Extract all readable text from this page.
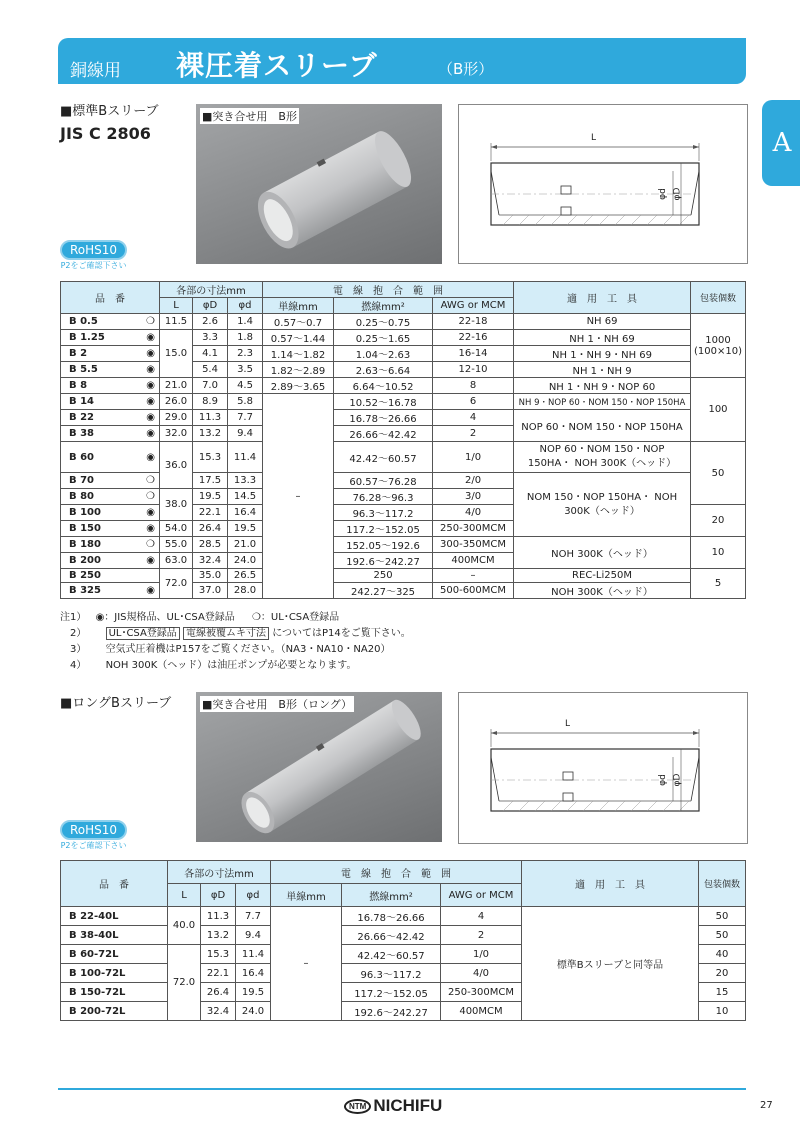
銅線用 裸圧着スリーブ	（B形）
A
■標準Bスリーブ
JIS C 2806
■突き合せ用　B形
L
φd φD
RoHS10
P2をご確認下さい
品　番		各部の寸法mm			電　線　抱　合　範　囲			適　用　工　具	包装個数
		L	φD	φd	単線mm	撚線mm²	AWG or MCM		
B 0.5	❍	11.5	2.6	1.4	0.57〜0.7	0.25〜0.75	22-18	NH 69	1000 (100×10)
B 1.25	◉	15.0	3.3	1.8	0.57〜1.44	0.25〜1.65	22-16	NH 1・NH 69	
B 2	◉		4.1	2.3	1.14〜1.82	1.04〜2.63	16-14	NH 1・NH 9・NH 69	
B 5.5	◉		5.4	3.5	1.82〜2.89	2.63〜6.64	12-10	NH 1・NH 9	
B 8	◉	21.0	7.0	4.5	2.89〜3.65	6.64〜10.52	8	NH 1・NH 9・NOP 60	100
B 14	◉	26.0	8.9	5.8	–	10.52〜16.78	6	NH 9・NOP 60・NOM 150・NOP 150HA	
B 22	◉	29.0	11.3	7.7		16.78〜26.66	4	NOP 60・NOM 150・NOP 150HA	
B 38	◉	32.0	13.2	9.4		26.66〜42.42	2		
B 60	◉	36.0	15.3	11.4		42.42〜60.57	1/0	NOP 60・NOM 150・NOP 150HA・ NOH 300K（ヘッド）	50
B 70	❍		17.5	13.3		60.57〜76.28	2/0	NOM 150・NOP 150HA・ NOH 300K（ヘッド）	
B 80	❍	38.0	19.5	14.5		76.28〜96.3	3/0		
B 100	◉		22.1	16.4		96.3〜117.2	4/0		20
B 150	◉	54.0	26.4	19.5		117.2〜152.05	250-300MCM		
B 180	❍	55.0	28.5	21.0		152.05〜192.6	300-350MCM	NOH 300K（ヘッド）	10
B 200	◉	63.0	32.4	24.0		192.6〜242.27	400MCM		
B 250		72.0	35.0	26.5		250	–	REC-Li250M	5
B 325	◉		37.0	28.0		242.27〜325	500-600MCM	NOH 300K（ヘッド）	
注1） ◉：JIS規格品、UL･CSA登録品 ❍：UL･CSA登録品
2） UL･CSA登録品 電線被覆ムキ寸法 についてはP14をご覧下さい。
3） 空気式圧着機はP157をご覧ください。（NA3・NA10・NA20）
4） NOH 300K（ヘッド）は油圧ポンプが必要となります。
■ロングBスリーブ	■突き合せ用　B形（ロング）
L
φd φD
RoHS10
P2をご確認下さい
品　番	各部の寸法mm			電　線　抱　合　範　囲			適　用　工　具	包装個数
	L	φD	φd	単線mm	撚線mm²	AWG or MCM		
B 22-40L	40.0	11.3	7.7	–	16.78〜26.66	4	標準Bスリーブと同等品	50
B 38-40L		13.2	9.4		26.66〜42.42	2		50
B 60-72L	72.0	15.3	11.4		42.42〜60.57	1/0		40
B 100-72L		22.1	16.4		96.3〜117.2	4/0		20
B 150-72L		26.4	19.5		117.2〜152.05	250-300MCM		15
B 200-72L		32.4	24.0		192.6〜242.27	400MCM		10
NTM NICHIFU	27
